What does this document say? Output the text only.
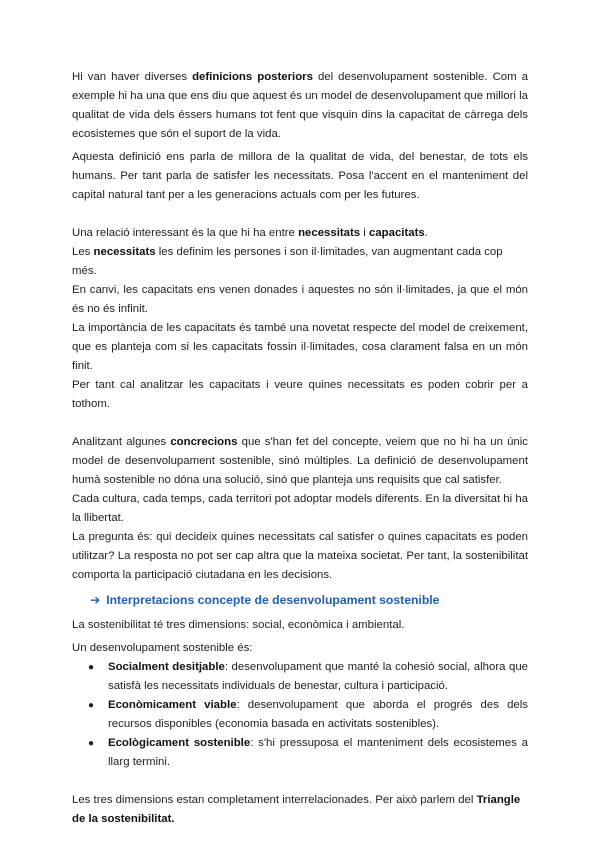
Hi van haver diverses definicions posteriors del desenvolupament sostenible. Com a exemple hi ha una que ens diu que aquest és un model de desenvolupament que millori la qualitat de vida dels éssers humans tot fent que visquin dins la capacitat de càrrega dels ecosistemes que són el suport de la vida.

Aquesta definició ens parla de millora de la qualitat de vida, del benestar, de tots els humans. Per tant parla de satisfer les necessitats. Posa l'accent en el manteniment del capital natural tant per a les generacions actuals com per les futures.

Una relació interessant és la que hi ha entre necessitats i capacitats.

Les necessitats les definim les persones i son il·limitades, van augmentant cada cop més.

En canvi, les capacitats ens venen donades i aquestes no són il·limitades, ja que el món és no és infinit.

La importància de les capacitats és també una novetat respecte del model de creixement, que es planteja com si les capacitats fossin il·limitades, cosa clarament falsa en un món finit.

Per tant cal analitzar les capacitats i veure quines necessitats es poden cobrir per a tothom.

Analitzant algunes concrecions que s'han fet del concepte, veiem que no hi ha un únic model de desenvolupament sostenible, sinó múltiples. La definició de desenvolupament humà sostenible no dóna una solució, sinó que planteja uns requisits que cal satisfer.

Cada cultura, cada temps, cada territori pot adoptar models diferents. En la diversitat hi ha la llibertat.

La pregunta és: qui decideix quines necessitats cal satisfer o quines capacitats es poden utilitzar? La resposta no pot ser cap altra que la mateixa societat. Per tant, la sostenibilitat comporta la participació ciutadana en les decisions.

➔ Interpretacions concepte de desenvolupament sostenible

La sostenibilitat té tres dimensions: social, econòmica i ambiental.

Un desenvolupament sostenible és:

● Socialment desitjable: desenvolupament que manté la cohesió social, alhora que satisfà les necessitats individuals de benestar, cultura i participació.
● Econòmicament viable: desenvolupament que aborda el progrés des dels recursos disponibles (economia basada en activitats sostenibles).
● Ecològicament sostenible: s'hi pressuposa el manteniment dels ecosistemes a llarg termini.

Les tres dimensions estan completament interrelacionades. Per això parlem del Triangle de la sostenibilitat.
